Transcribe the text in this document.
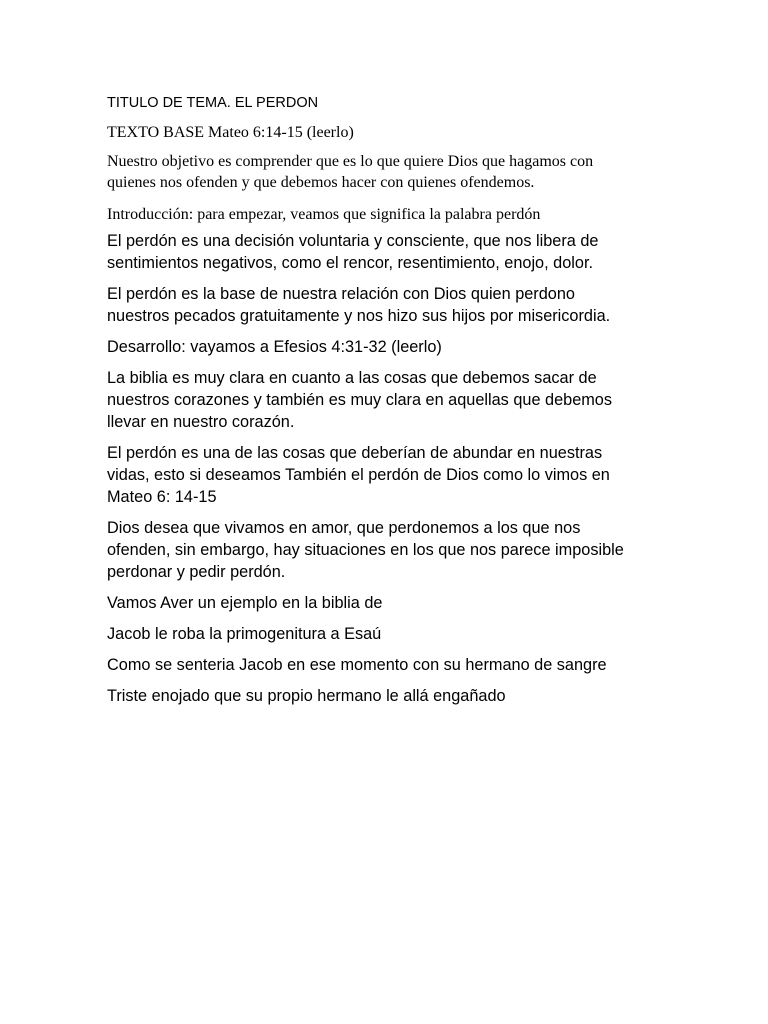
TITULO DE TEMA. EL PERDON

TEXTO BASE Mateo 6:14-15 (leerlo)

Nuestro objetivo es comprender que es lo que quiere Dios que hagamos con
quienes nos ofenden y que debemos hacer con quienes ofendemos.

Introducción: para empezar, veamos que significa la palabra perdón

El perdón es una decisión voluntaria y consciente, que nos libera de
sentimientos negativos, como el rencor, resentimiento, enojo, dolor.

El perdón es la base de nuestra relación con Dios quien perdono
nuestros pecados gratuitamente y nos hizo sus hijos por misericordia.

Desarrollo: vayamos a Efesios 4:31-32 (leerlo)

La biblia es muy clara en cuanto a las cosas que debemos sacar de
nuestros corazones y también es muy clara en aquellas que debemos
llevar en nuestro corazón.

El perdón es una de las cosas que deberían de abundar en nuestras
vidas, esto si deseamos También el perdón de Dios como lo vimos en
Mateo 6: 14-15

Dios desea que vivamos en amor, que perdonemos a los que nos
ofenden, sin embargo, hay situaciones en los que nos parece imposible
perdonar y pedir perdón.

Vamos Aver un ejemplo en la biblia de

Jacob le roba la primogenitura a Esaú

Como se senteria Jacob en ese momento con su hermano de sangre

Triste enojado que su propio hermano le allá engañado
